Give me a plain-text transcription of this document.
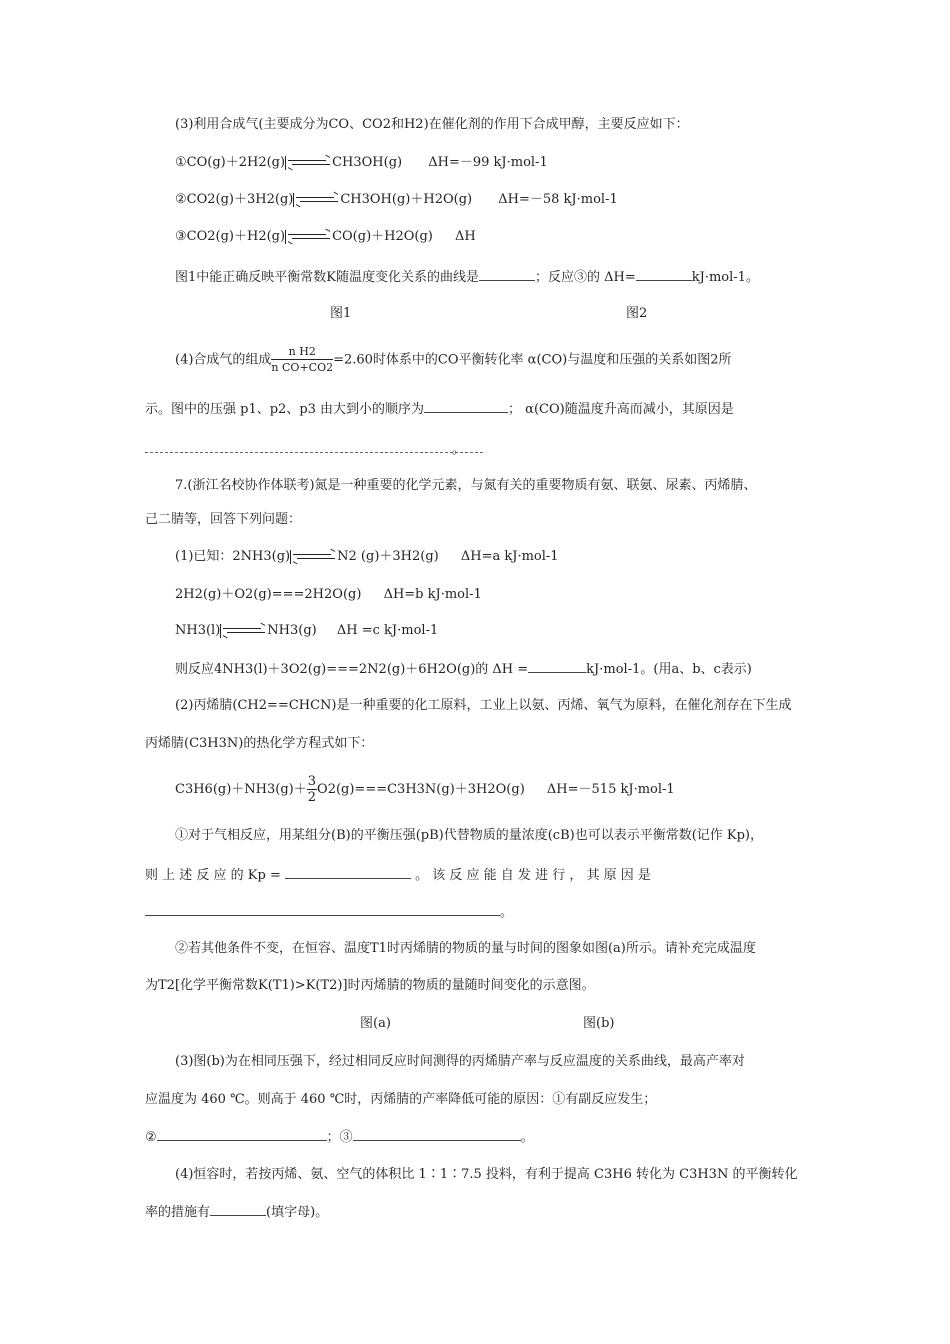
(3)利用合成气(主要成分为CO、CO2和H2)在催化剂的作用下合成甲醇，主要反应如下：
①CO(g)＋2H2(g)	CH3OH(g) ΔH=－99 kJ·mol-1
②CO2(g)＋3H2(g)	CH3OH(g)＋H2O(g) ΔH=－58 kJ·mol-1
③CO2(g)＋H2(g)	CO(g)＋H2O(g) ΔH
图1中能正确反映平衡常数K随温度变化关系的曲线是	；反应③的 ΔH=	kJ·mol-1。
图1	图2
(4)合成气的组成 $\frac{\text{n H2}}{\text{n CO+CO2}} =2.60$时体系中的CO平衡转化率 α(CO)与温度和压强的关系如图2所
示。图中的压强 p1、p2、p3 由大到小的顺序为	； α(CO)随温度升高而减小，其原因是
。
7.(浙江名校协作体联考)氮是一种重要的化学元素，与氮有关的重要物质有氨、联氨、尿素、丙烯腈、
己二腈等，回答下列问题：
(1)已知：2NH3(g)	N2 (g)＋3H2(g) ΔH=a kJ·mol-1
2H2(g)＋O2(g)===2H2O(g) ΔH=b kJ·mol-1
NH3(l)	NH3(g) ΔH =c kJ·mol-1
则反应4NH3(l)＋3O2(g)===2N2(g)＋6H2O(g)的 ΔH =	kJ·mol-1。(用a、b、c表示)
(2)丙烯腈(CH2==CHCN)是一种重要的化工原料，工业上以氨、丙烯、氧气为原料，在催化剂存在下生成
丙烯腈(C3H3N)的热化学方程式如下：
$C3H6(g)+NH3(g)+ \frac{3}{2} O2(g)===C3H3N(g)+3H2O(g)$ ΔH=－515 kJ·mol-1
①对于气相反应，用某组分(B)的平衡压强(pB)代替物质的量浓度(cB)也可以表示平衡常数(记作 Kp)，
则 上 述 反 应 的 Kp =	。 该 反 应 能 自 发 进 行 ， 其 原 因 是
。
②若其他条件不变，在恒容、温度T1时丙烯腈的物质的量与时间的图象如图(a)所示。请补充完成温度
为T2[化学平衡常数K(T1)>K(T2)]时丙烯腈的物质的量随时间变化的示意图。
图(a)	图(b)
(3)图(b)为在相同压强下，经过相同反应时间测得的丙烯腈产率与反应温度的关系曲线，最高产率对
应温度为 460 ℃。则高于 460 ℃时，丙烯腈的产率降低可能的原因：①有副反应发生；
②	；③	。
(4)恒容时，若按丙烯、氨、空气的体积比 1∶1∶7.5 投料，有利于提高 C3H6 转化为 C3H3N 的平衡转化
率的措施有	(填字母)。
